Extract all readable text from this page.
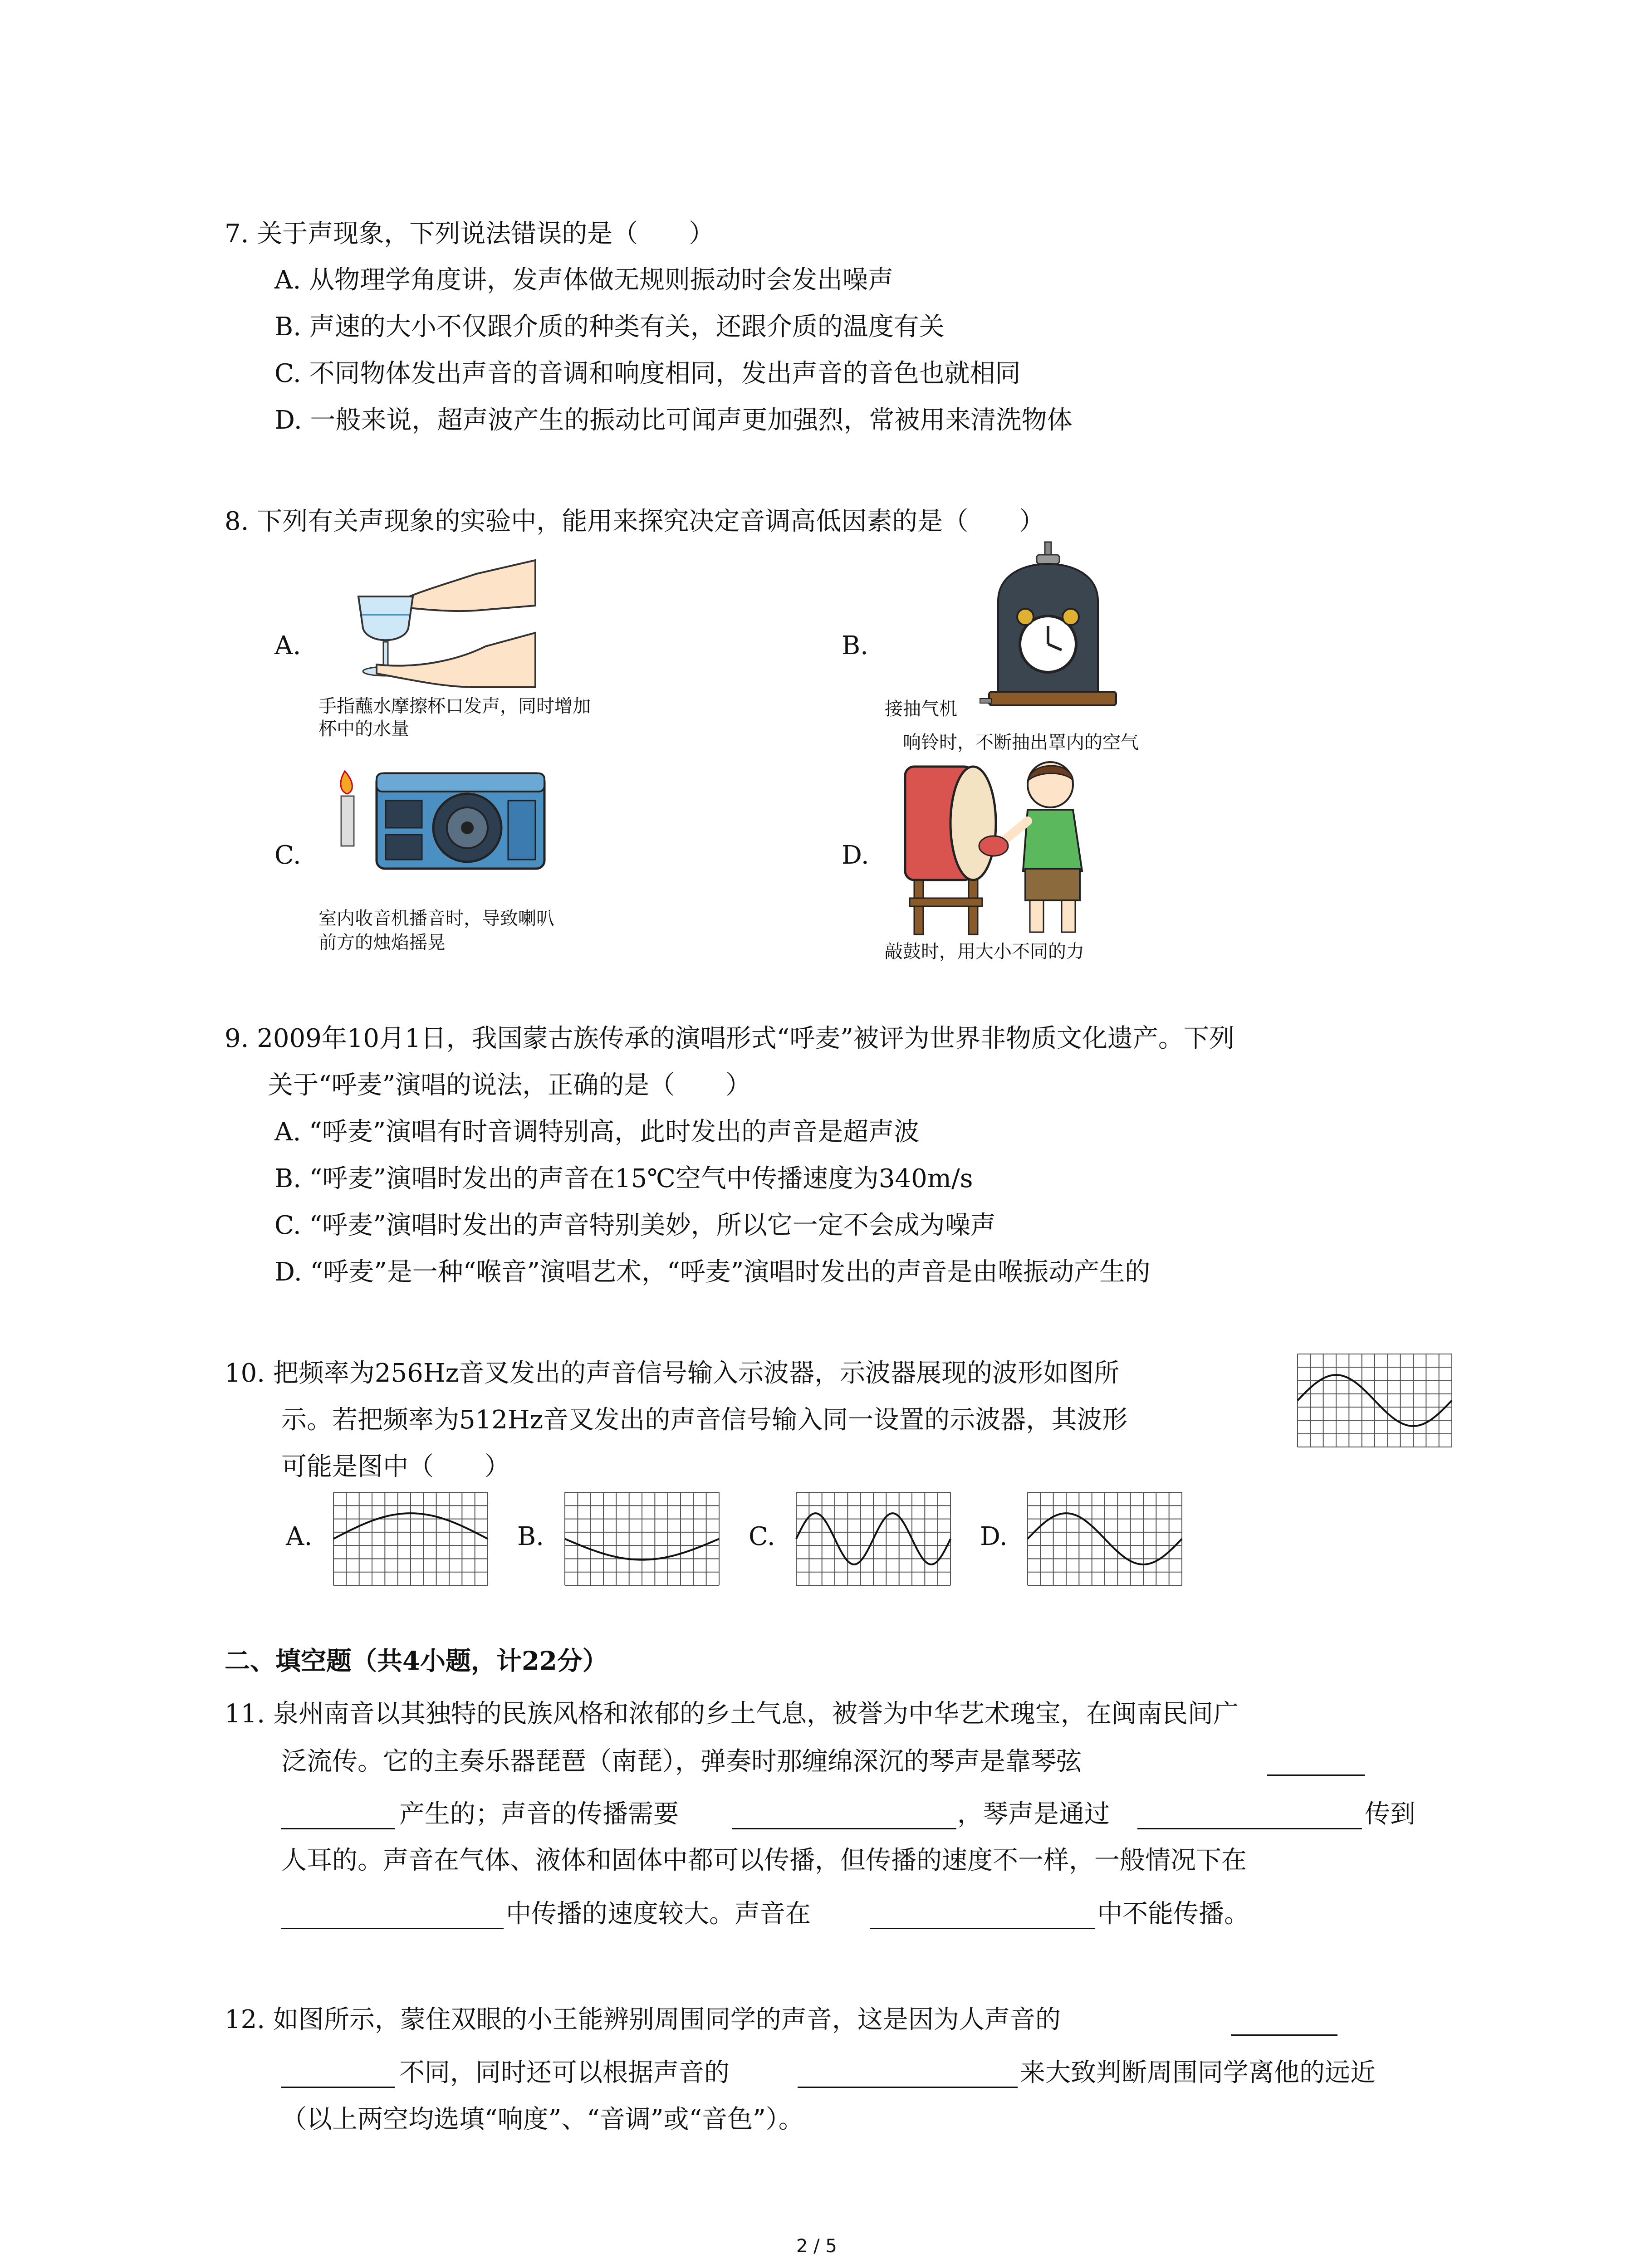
7. 关于声现象，下列说法错误的是（　　）
A. 从物理学角度讲，发声体做无规则振动时会发出噪声
B. 声速的大小不仅跟介质的种类有关，还跟介质的温度有关
C. 不同物体发出声音的音调和响度相同，发出声音的音色也就相同
D. 一般来说，超声波产生的振动比可闻声更加强烈，常被用来清洗物体
8. 下列有关声现象的实验中，能用来探究决定音调高低因素的是（　　）
A.
手指蘸水摩擦杯口发声，同时增加
杯中的水量
B.
接抽气机
响铃时，不断抽出罩内的空气
C.
室内收音机播音时，导致喇叭
前方的烛焰摇晃
D.
敲鼓时，用大小不同的力
9. 2009年10月1日，我国蒙古族传承的演唱形式“呼麦”被评为世界非物质文化遗产。下列
关于“呼麦”演唱的说法，正确的是（　　）
A. “呼麦”演唱有时音调特别高，此时发出的声音是超声波
B. “呼麦”演唱时发出的声音在15℃空气中传播速度为340m/s
C. “呼麦”演唱时发出的声音特别美妙，所以它一定不会成为噪声
D. “呼麦”是一种“喉音”演唱艺术，“呼麦”演唱时发出的声音是由喉振动产生的
10. 把频率为256Hz音叉发出的声音信号输入示波器，示波器展现的波形如图所
示。若把频率为512Hz音叉发出的声音信号输入同一设置的示波器，其波形
可能是图中（　　）
A.	B.	C.	D.
二、填空题（共4小题，计22分）
11. 泉州南音以其独特的民族风格和浓郁的乡土气息，被誉为中华艺术瑰宝，在闽南民间广
泛流传。它的主奏乐器琵琶（南琵），弹奏时那缠绵深沉的琴声是靠琴弦
产生的；声音的传播需要	，琴声是通过	传到
人耳的。声音在气体、液体和固体中都可以传播，但传播的速度不一样，一般情况下在
中传播的速度较大。声音在	中不能传播。
12. 如图所示，蒙住双眼的小王能辨别周围同学的声音，这是因为人声音的
不同，同时还可以根据声音的	来大致判断周围同学离他的远近
（以上两空均选填“响度”、“音调”或“音色”）。
2 / 5
